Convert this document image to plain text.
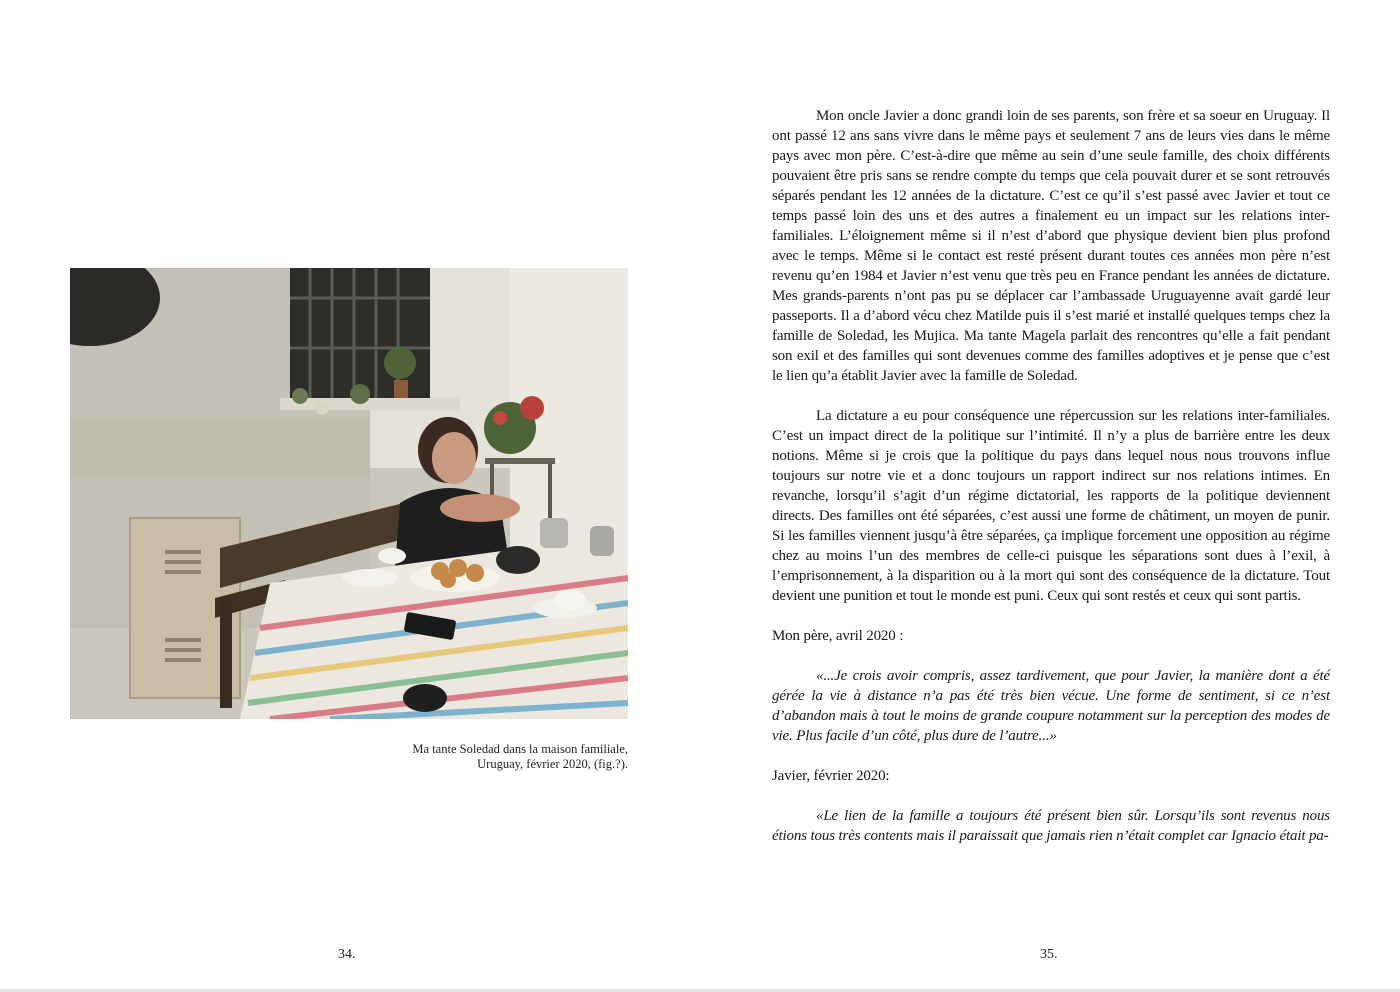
Ma tante Soledad dans la maison familiale,
Uruguay, février 2020, (fig.?).
34.

Mon oncle Javier a donc grandi loin de ses parents, son frère et sa soeur en Uruguay. Il ont passé 12 ans sans vivre dans le même pays et seulement 7 ans de leurs vies dans le même pays avec mon père. C’est-à-dire que même au sein d’une seule famille, des choix différents pouvaient être pris sans se rendre compte du temps que cela pouvait durer et se sont retrouvés séparés pendant les 12 années de la dictature. C’est ce qu’il s’est passé avec Javier et tout ce temps passé loin des uns et des autres a finalement eu un impact sur les relations inter-familiales. L’éloignement même si il n’est d’abord que physique devient bien plus profond avec le temps. Même si le contact est resté présent durant toutes ces années mon père n’est revenu qu’en 1984 et Javier n’est venu que très peu en France pendant les années de dictature. Mes grands-parents n’ont pas pu se déplacer car l’ambassade Uruguayenne avait gardé leur passeports. Il a d’abord vécu chez Matilde puis il s’est marié et installé quelques temps chez la famille de Soledad, les Mujica. Ma tante Magela parlait des rencontres qu’elle a fait pendant son exil et des familles qui sont devenues comme des familles adoptives et je pense que c’est le lien qu’a établit Javier avec la famille de Soledad.

La dictature a eu pour conséquence une répercussion sur les relations inter-familiales. C’est un impact direct de la politique sur l’intimité. Il n’y a plus de barrière entre les deux notions. Même si je crois que la politique du pays dans lequel nous nous trouvons influe toujours sur notre vie et a donc toujours un rapport indirect sur nos relations intimes. En revanche, lorsqu’il s’agit d’un régime dictatorial, les rapports de la politique deviennent directs. Des familles ont été séparées, c’est aussi une forme de châtiment, un moyen de punir. Si les familles viennent jusqu’à être séparées, ça implique forcement une opposition au régime chez au moins l’un des membres de celle-ci puisque les séparations sont dues à l’exil, à l’emprisonnement, à la disparition ou à la mort qui sont des conséquence de la dictature. Tout devient une punition et tout le monde est puni. Ceux qui sont restés et ceux qui sont partis.

Mon père, avril 2020 :

«...Je crois avoir compris, assez tardivement, que pour Javier, la manière dont a été gérée la vie à distance n’a pas été très bien vécue. Une forme de sentiment, si ce n’est d’abandon mais à tout le moins de grande coupure notamment sur la perception des modes de vie. Plus facile d’un côté, plus dure de l’autre...»

Javier, février 2020:

«Le lien de la famille a toujours été présent bien sûr. Lorsqu’ils sont revenus nous étions tous très contents mais il paraissait que jamais rien n’était complet car Ignacio était pa-

35.
